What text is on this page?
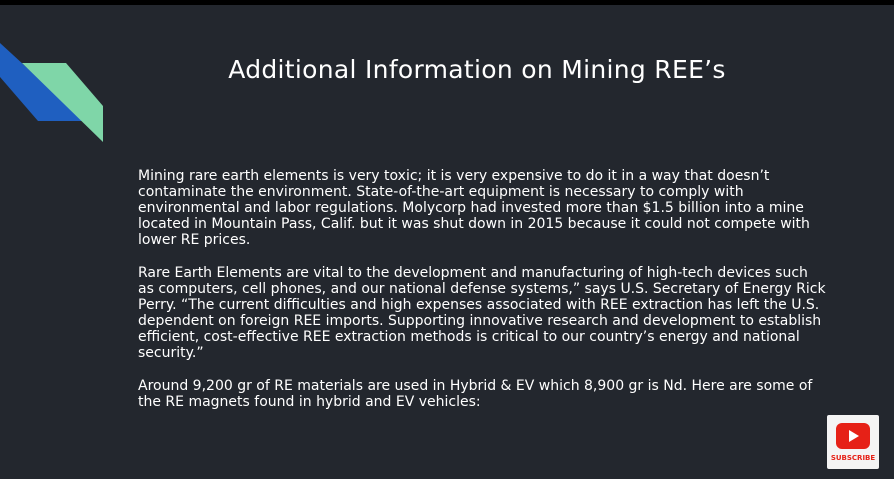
Additional Information on Mining REE’s

Mining rare earth elements is very toxic; it is very expensive to do it in a way that doesn’t contaminate the environment. State-of-the-art equipment is necessary to comply with environmental and labor regulations. Molycorp had invested more than $1.5 billion into a mine located in Mountain Pass, Calif. but it was shut down in 2015 because it could not compete with lower RE prices.

Rare Earth Elements are vital to the development and manufacturing of high-tech devices such as computers, cell phones, and our national defense systems,” says U.S. Secretary of Energy Rick Perry. “The current difficulties and high expenses associated with REE extraction has left the U.S. dependent on foreign REE imports. Supporting innovative research and development to establish efficient, cost-effective REE extraction methods is critical to our country’s energy and national security.”

Around 9,200 gr of RE materials are used in Hybrid & EV which 8,900 gr is Nd. Here are some of the RE magnets found in hybrid and EV vehicles:

SUBSCRIBE
